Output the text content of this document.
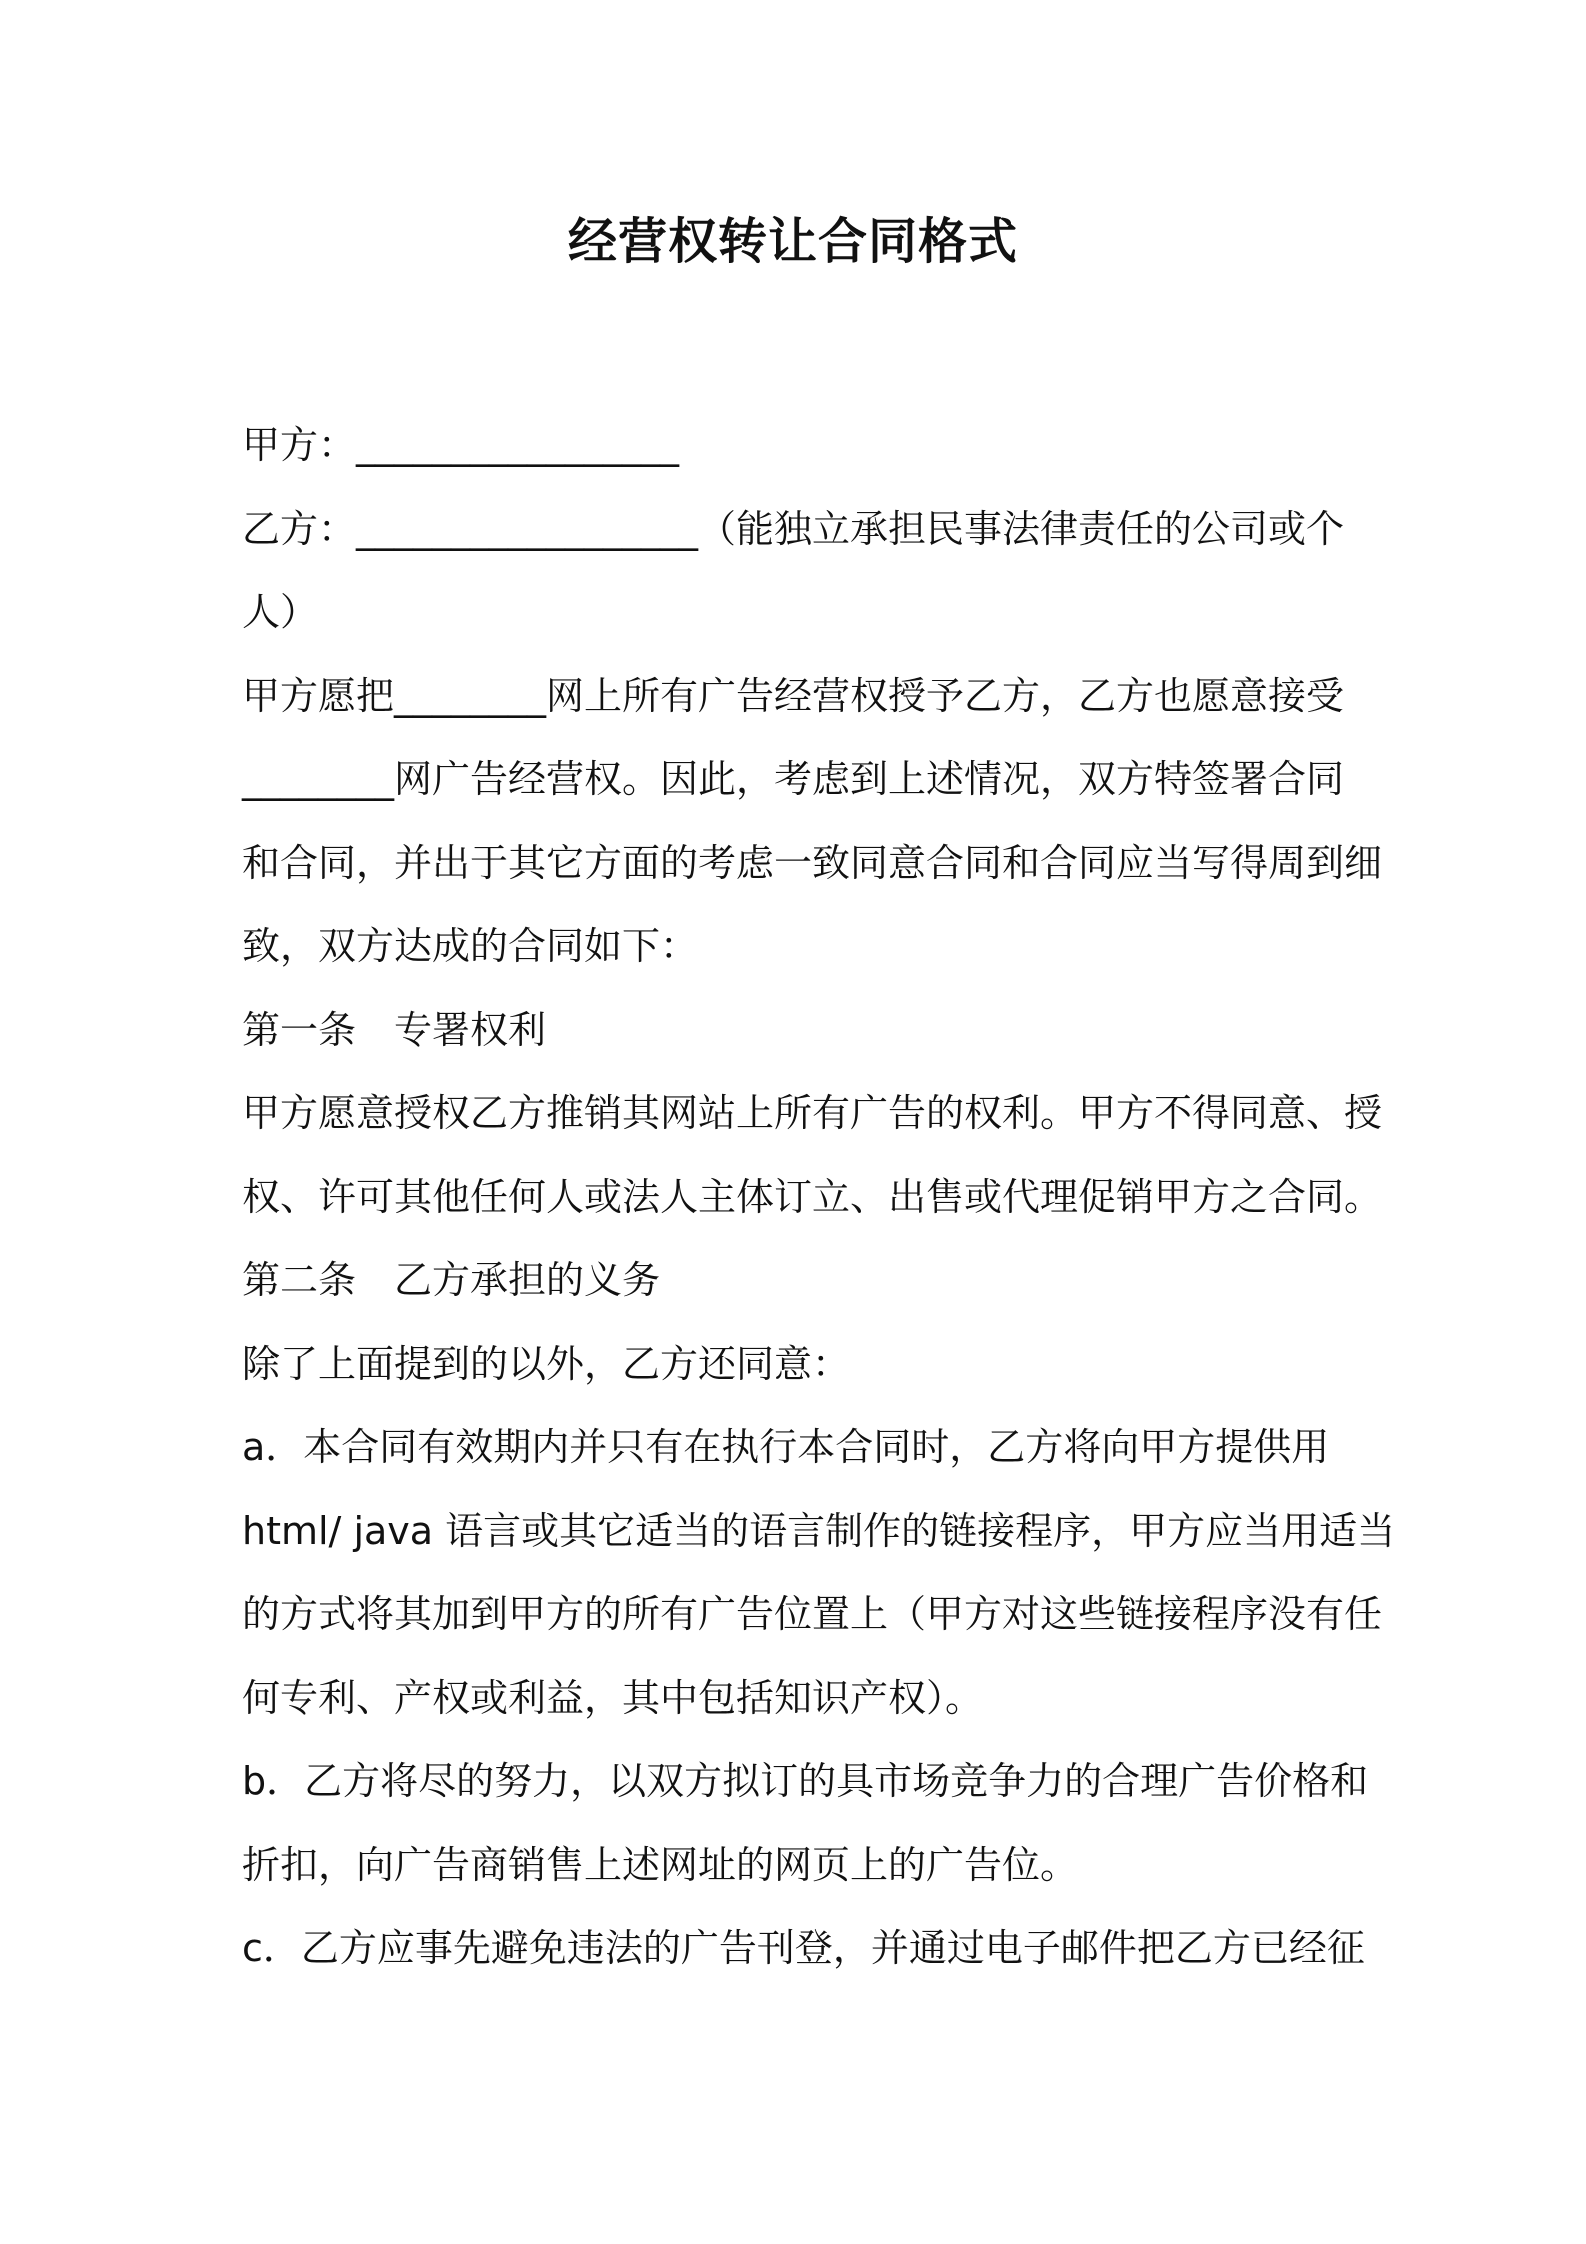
经营权转让合同格式

甲方：_________________

乙方：__________________（能独立承担民事法律责任的公司或个

人）

甲方愿把________网上所有广告经营权授予乙方，乙方也愿意接受

________网广告经营权。因此，考虑到上述情况，双方特签署合同

和合同，并出于其它方面的考虑一致同意合同和合同应当写得周到细

致，双方达成的合同如下：

第一条　专署权利

甲方愿意授权乙方推销其网站上所有广告的权利。甲方不得同意、授

权、许可其他任何人或法人主体订立、出售或代理促销甲方之合同。

第二条　乙方承担的义务

除了上面提到的以外，乙方还同意：

a．本合同有效期内并只有在执行本合同时，乙方将向甲方提供用

html/ java 语言或其它适当的语言制作的链接程序，甲方应当用适当

的方式将其加到甲方的所有广告位置上（甲方对这些链接程序没有任

何专利、产权或利益，其中包括知识产权）。

b．乙方将尽的努力，以双方拟订的具市场竞争力的合理广告价格和

折扣，向广告商销售上述网址的网页上的广告位。

c．乙方应事先避免违法的广告刊登，并通过电子邮件把乙方已经征
